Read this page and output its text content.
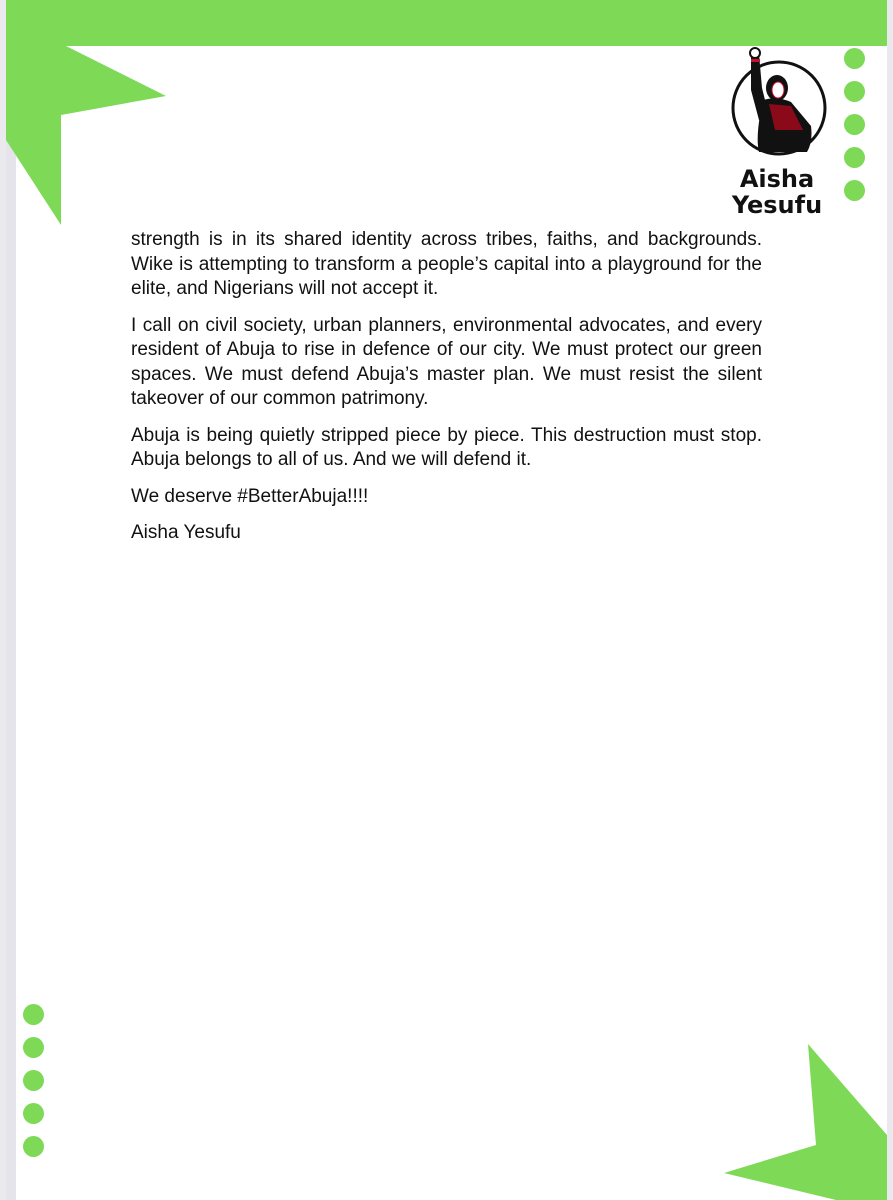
Aisha
Yesufu

strength is in its shared identity across tribes, faiths, and backgrounds. Wike is attempting to transform a people’s capital into a playground for the elite, and Nigerians will not accept it.

I call on civil society, urban planners, environmental advocates, and every resident of Abuja to rise in defence of our city. We must protect our green spaces. We must defend Abuja’s master plan. We must resist the silent takeover of our common patrimony.

Abuja is being quietly stripped piece by piece. This destruction must stop. Abuja belongs to all of us. And we will defend it.

We deserve #BetterAbuja!!!!

Aisha Yesufu
